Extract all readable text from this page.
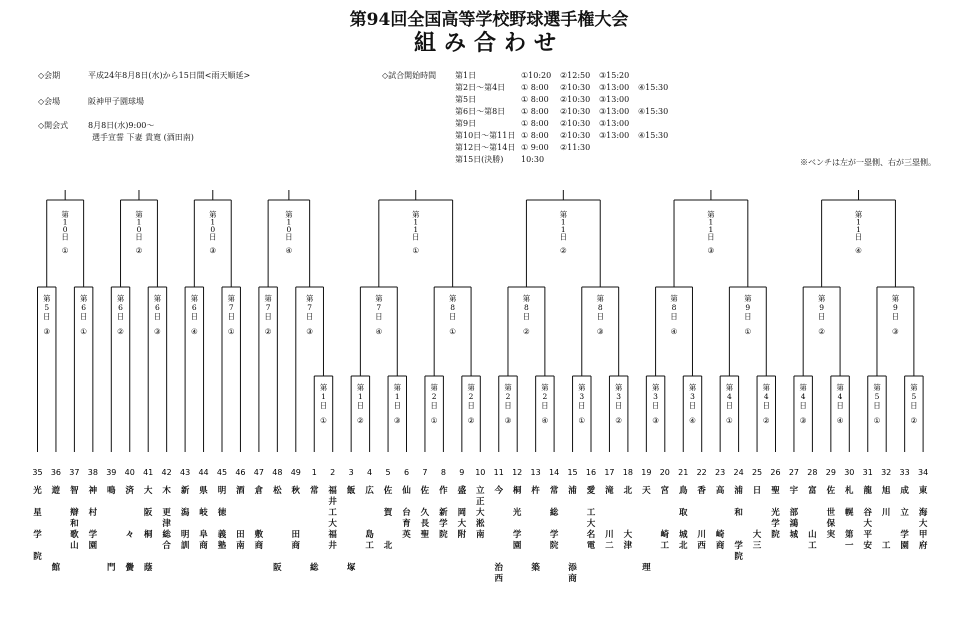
第94回全国高等学校野球選手権大会
組み合わせ
◇会期	平成24年8月8日(水)から15日間<雨天順延>
◇会場	阪神甲子園球場
◇開会式 8月8日(水)9:00～
選手宣誓 下妻 貴寛 (酒田南)
◇試合開始時間 第1日	①10:20 ②12:50 ③15:20
第2日～第4日 ① 8:00 ②10:30 ③13:00 ④15:30
第5日	① 8:00 ②10:30 ③13:00
第6日～第8日 ① 8:00 ②10:30 ③13:00 ④15:30
第9日	① 8:00 ②10:30 ③13:00
第10日～第11日 ① 8:00 ②10:30 ③13:00 ④15:30
第12日～第14日 ① 9:00 ②11:30
第15日(決勝) 10:30	※ベンチは左が一塁側、右が三塁側。
第 1 日 ①
第 1 日 ②
第 1 日 ③
第 2 日 ①
第 2 日 ②
第 2 日 ③
第 2 日 ④
第 3 日 ①
第 3 日 ②
第 3 日 ③
第 3 日 ④
第 4 日 ①
第 4 日 ②
第 4 日 ③
第 4 日 ④
第 5 日 ①
第 5 日 ②
第 5 日 ③
第 6 日 ①
第 6 日 ②
第 6 日 ③
第 6 日 ④
第 7 日 ①
第 7 日 ②
第 7 日 ③
第 7 日 ④
第 8 日 ①
第 8 日 ②
第 8 日 ③
第 8 日 ④
第 9 日 ①
第 9 日 ②
第 9 日 ③
第 1 0 日 ①
第 1 0 日 ②
第 1 0 日 ③
第 1 0 日 ④
第 1 1 日 ①
第 1 1 日 ②
第 1 1 日 ③
第 1 1 日 ④
35 36 37 38 39 40 41 42 43 44 45 46 47 48 49 1 2 3 4 5 6 7 8 9 10 11 12 13 14 15 16 17 18 19 20 21 22 23 24 25 26 27 28 29 30 31 32 33 34
光

星

学

院
遊

館
智

辯
和
歌
山
神

村

学
園
鳴

門
済

々

黌
大

阪

桐

蔭
木

更
津
総
合
新

潟

明
訓
県

岐

阜
商
明

徳

義
塾
酒

田
南
倉

敷
商
松

阪
秋

田
商
常

総
福
井
工
大
福
井
飯

塚
広

島
工
佐

賀

北
仙

台
育
英
佐

久
長
聖
作

新
学
院
盛

岡
大
附
立
正
大
淞
南
今

治
西
桐

光

学
園
杵

築
常

総

学
院
浦

添
商
愛

工
大
名
電
滝

川
二
北

大
津
天

理
宮

崎
工
鳥

取

城
北
香

川
西
高

崎
商
浦

和

学
院
日

大
三
聖

光
学
院
宇

部
鴻
城
富

山
工
佐

世
保
実
札

幌

第
一
龍

谷
大
平
安
旭

川

工
成

立

学
園
東

海
大
甲
府
